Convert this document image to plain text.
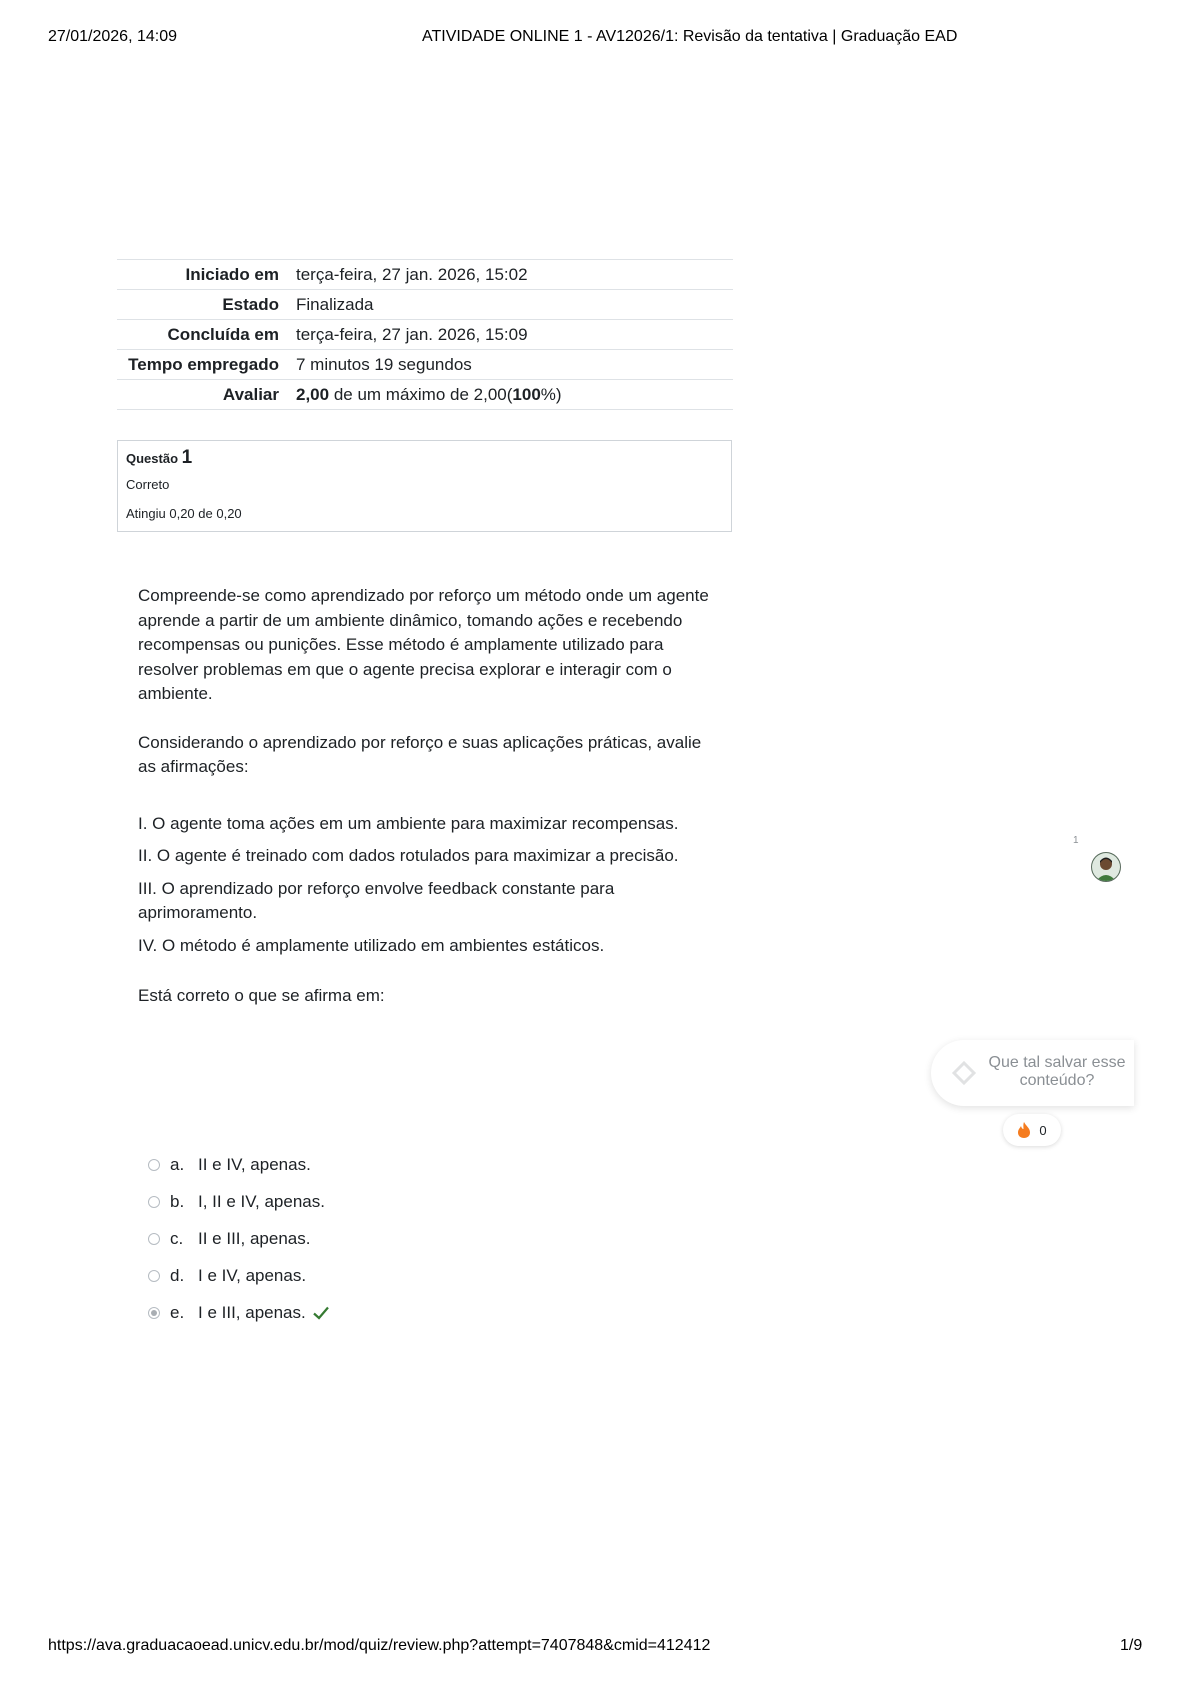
27/01/2026, 14:09	ATIVIDADE ONLINE 1 - AV12026/1: Revisão da tentativa | Graduação EAD
Iniciado em	terça-feira, 27 jan. 2026, 15:02
Estado	Finalizada
Concluída em	terça-feira, 27 jan. 2026, 15:09
Tempo empregado	7 minutos 19 segundos
Avaliar	2,00 de um máximo de 2,00(100%)
Questão 1
Correto
Atingiu 0,20 de 0,20

Compreende-se como aprendizado por reforço um método onde um agente aprende a partir de um ambiente dinâmico, tomando ações e recebendo recompensas ou punições. Esse método é amplamente utilizado para resolver problemas em que o agente precisa explorar e interagir com o ambiente.

Considerando o aprendizado por reforço e suas aplicações práticas, avalie as afirmações:

I. O agente toma ações em um ambiente para maximizar recompensas.

II. O agente é treinado com dados rotulados para maximizar a precisão.

III. O aprendizado por reforço envolve feedback constante para aprimoramento.

IV. O método é amplamente utilizado em ambientes estáticos.

Está correto o que se afirma em:

a. II e IV, apenas.
b. I, II e IV, apenas.
c. II e III, apenas.
d. I e IV, apenas.
e. I e III, apenas.
1
Que tal salvar esse conteúdo?
0
https://ava.graduacaoead.unicv.edu.br/mod/quiz/review.php?attempt=7407848&cmid=412412	1/9
